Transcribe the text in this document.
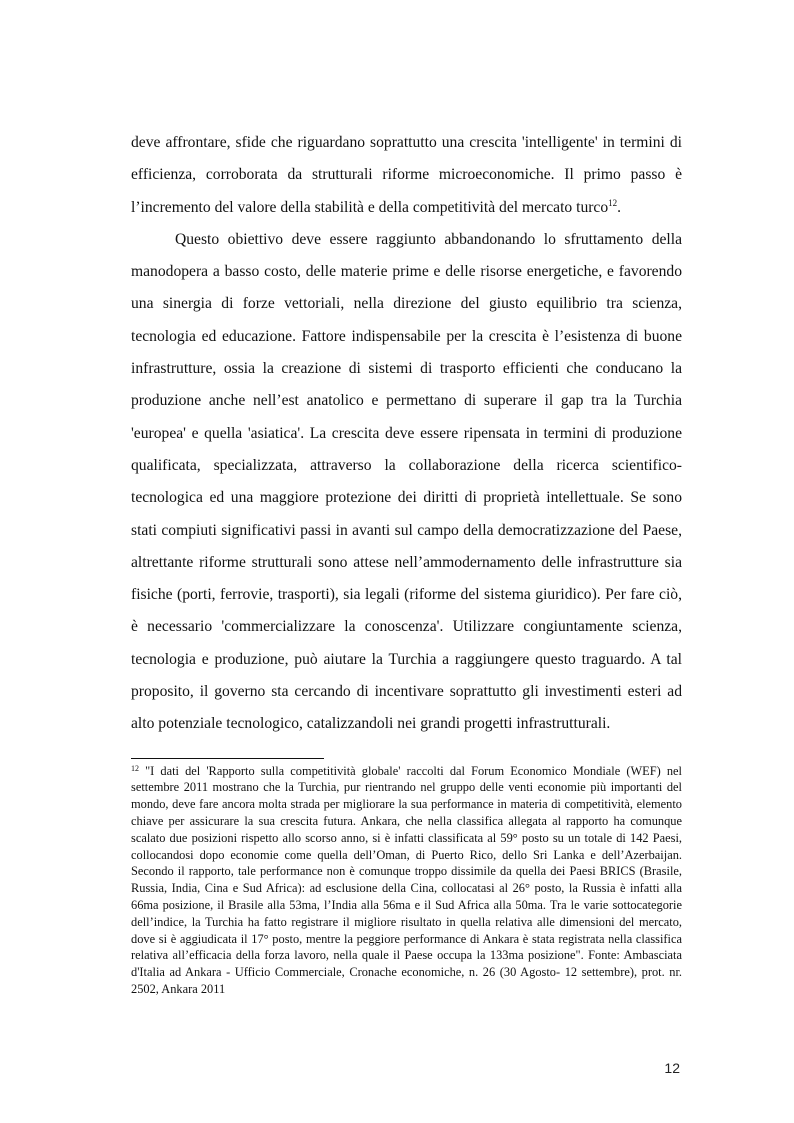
deve affrontare, sfide che riguardano soprattutto una crescita 'intelligente' in termini di efficienza, corroborata da strutturali riforme microeconomiche. Il primo passo è l’incremento del valore della stabilità e della competitività del mercato turco$^{12}$.

Questo obiettivo deve essere raggiunto abbandonando lo sfruttamento della manodopera a basso costo, delle materie prime e delle risorse energetiche, e favorendo una sinergia di forze vettoriali, nella direzione del giusto equilibrio tra scienza, tecnologia ed educazione. Fattore indispensabile per la crescita è l’esistenza di buone infrastrutture, ossia la creazione di sistemi di trasporto efficienti che conducano la produzione anche nell’est anatolico e permettano di superare il gap tra la Turchia 'europea' e quella 'asiatica'. La crescita deve essere ripensata in termini di produzione qualificata, specializzata, attraverso la collaborazione della ricerca scientifico- tecnologica ed una maggiore protezione dei diritti di proprietà intellettuale. Se sono stati compiuti significativi passi in avanti sul campo della democratizzazione del Paese, altrettante riforme strutturali sono attese nell’ammodernamento delle infrastrutture sia fisiche (porti, ferrovie, trasporti), sia legali (riforme del sistema giuridico). Per fare ciò, è necessario 'commercializzare la conoscenza'. Utilizzare congiuntamente scienza, tecnologia e produzione, può aiutare la Turchia a raggiungere questo traguardo. A tal proposito, il governo sta cercando di incentivare soprattutto gli investimenti esteri ad alto potenziale tecnologico, catalizzandoli nei grandi progetti infrastrutturali.

$^{12}$ "I dati del 'Rapporto sulla competitività globale' raccolti dal Forum Economico Mondiale (WEF) nel settembre 2011 mostrano che la Turchia, pur rientrando nel gruppo delle venti economie più importanti del mondo, deve fare ancora molta strada per migliorare la sua performance in materia di competitività, elemento chiave per assicurare la sua crescita futura. Ankara, che nella classifica allegata al rapporto ha comunque scalato due posizioni rispetto allo scorso anno, si è infatti classificata al 59° posto su un totale di 142 Paesi, collocandosi dopo economie come quella dell’Oman, di Puerto Rico, dello Sri Lanka e dell’Azerbaijan. Secondo il rapporto, tale performance non è comunque troppo dissimile da quella dei Paesi BRICS (Brasile, Russia, India, Cina e Sud Africa): ad esclusione della Cina, collocatasi al 26° posto, la Russia è infatti alla 66ma posizione, il Brasile alla 53ma, l’India alla 56ma e il Sud Africa alla 50ma. Tra le varie sottocategorie dell’indice, la Turchia ha fatto registrare il migliore risultato in quella relativa alle dimensioni del mercato, dove si è aggiudicata il 17° posto, mentre la peggiore performance di Ankara è stata registrata nella classifica relativa all’efficacia della forza lavoro, nella quale il Paese occupa la 133ma posizione". Fonte: Ambasciata d'Italia ad Ankara - Ufficio Commerciale, Cronache economiche, n. 26 (30 Agosto- 12 settembre), prot. nr. 2502, Ankara 2011

12
